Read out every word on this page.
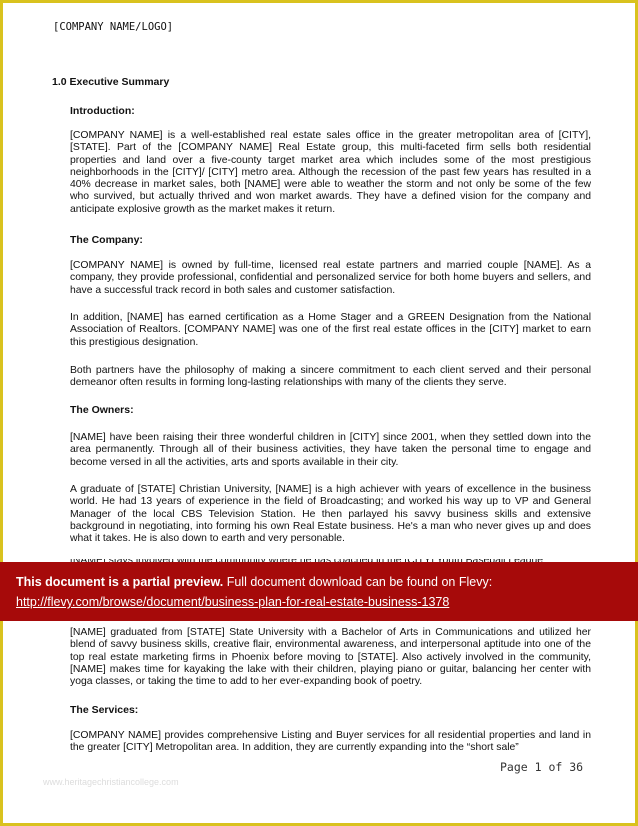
[COMPANY NAME/LOGO]
1.0 Executive Summary
Introduction:
[COMPANY NAME] is a well-established real estate sales office in the greater metropolitan area of [CITY], [STATE]. Part of the [COMPANY NAME] Real Estate group, this multi-faceted firm sells both residential properties and land over a five-county target market area which includes some of the most prestigious neighborhoods in the [CITY]/ [CITY] metro area. Although the recession of the past few years has resulted in a 40% decrease in market sales, both [NAME] were able to weather the storm and not only be some of the few who survived, but actually thrived and won market awards. They have a defined vision for the company and anticipate explosive growth as the market makes it return.
The Company:
[COMPANY NAME] is owned by full-time, licensed real estate partners and married couple [NAME]. As a company, they provide professional, confidential and personalized service for both home buyers and sellers, and have a successful track record in both sales and customer satisfaction.
In addition, [NAME] has earned certification as a Home Stager and a GREEN Designation from the National Association of Realtors. [COMPANY NAME] was one of the first real estate offices in the [CITY] market to earn this prestigious designation.
Both partners have the philosophy of making a sincere commitment to each client served and their personal demeanor often results in forming long-lasting relationships with many of the clients they serve.
The Owners:
[NAME] have been raising their three wonderful children in [CITY] since 2001, when they settled down into the area permanently. Through all of their business activities, they have taken the personal time to engage and become versed in all the activities, arts and sports available in their city.
A graduate of [STATE] Christian University, [NAME] is a high achiever with years of excellence in the business world. He had 13 years of experience in the field of Broadcasting; and worked his way up to VP and General Manager of the local CBS Television Station. He then parlayed his savvy business skills and extensive background in negotiating, into forming his own Real Estate business. He's a man who never gives up and does what it takes. He is also down to earth and very personable.
[NAME] graduated from [STATE] State University with a Bachelor of Arts in Communications and utilized her blend of savvy business skills, creative flair, environmental awareness, and interpersonal aptitude into one of the top real estate marketing firms in Phoenix before moving to [STATE]. Also actively involved in the community, [NAME] makes time for kayaking the lake with their children, playing piano or guitar, balancing her center with yoga classes, or taking the time to add to her ever-expanding book of poetry.
The Services:
[COMPANY NAME] provides comprehensive Listing and Buyer services for all residential properties and land in the greater [CITY] Metropolitan area. In addition, they are currently expanding into the “short sale”
www.heritagechristiancollege.com
Page 1 of 36
This document is a partial preview. Full document download can be found on Flevy:
http://flevy.com/browse/document/business-plan-for-real-estate-business-1378
